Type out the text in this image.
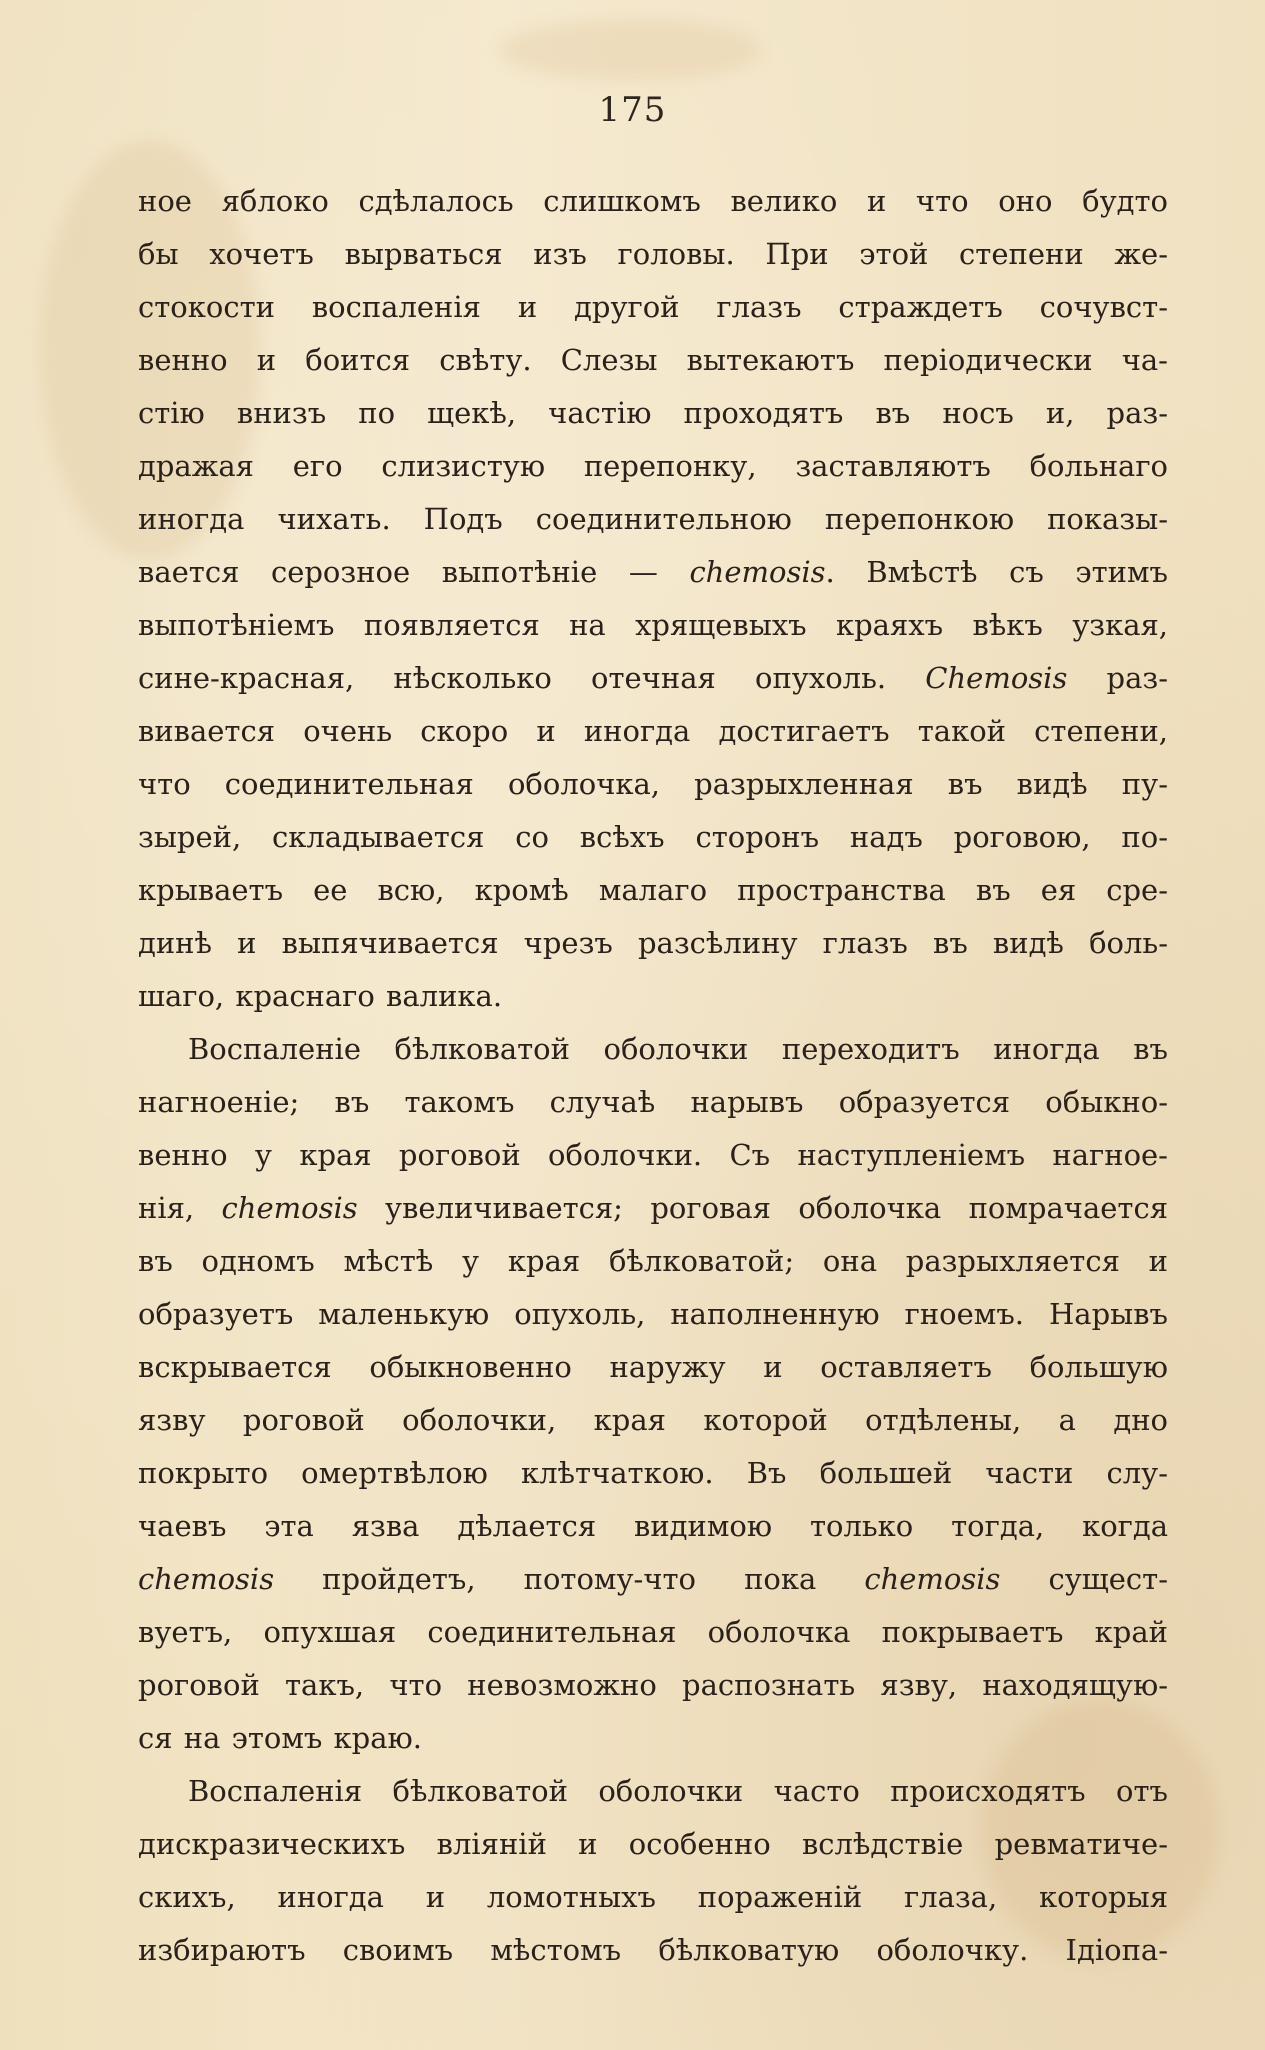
175
ное яблоко сдѣлалось слишкомъ велико и что оно будто
бы хочетъ вырваться изъ головы. При этой степени же-
стокости воспаленія и другой глазъ страждетъ сочувст-
венно и боится свѣту. Слезы вытекаютъ періодически ча-
стію внизъ по щекѣ, частію проходятъ въ носъ и, раз-
дражая его слизистую перепонку, заставляютъ больнаго
иногда чихать. Подъ соединительною перепонкою показы-
вается серозное выпотѣніе — chemosis. Вмѣстѣ съ этимъ
выпотѣніемъ появляется на хрящевыхъ краяхъ вѣкъ узкая,
сине-красная, нѣсколько отечная опухоль. Chemosis раз-
вивается очень скоро и иногда достигаетъ такой степени,
что соединительная оболочка, разрыхленная въ видѣ пу-
зырей, складывается со всѣхъ сторонъ надъ роговою, по-
крываетъ ее всю, кромѣ малаго пространства въ ея сре-
динѣ и выпячивается чрезъ разсѣлину глазъ въ видѣ боль-
шаго, краснаго валика.
Воспаленіе бѣлковатой оболочки переходитъ иногда въ
нагноеніе; въ такомъ случаѣ нарывъ образуется обыкно-
венно у края роговой оболочки. Съ наступленіемъ нагное-
нія, chemosis увеличивается; роговая оболочка помрачается
въ одномъ мѣстѣ у края бѣлковатой; она разрыхляется и
образуетъ маленькую опухоль, наполненную гноемъ. Нарывъ
вскрывается обыкновенно наружу и оставляетъ большую
язву роговой оболочки, края которой отдѣлены, а дно
покрыто омертвѣлою клѣтчаткою. Въ большей части слу-
чаевъ эта язва дѣлается видимою только тогда, когда
chemosis пройдетъ, потому-что пока chemosis сущест-
вуетъ, опухшая соединительная оболочка покрываетъ край
роговой такъ, что невозможно распознать язву, находящую-
ся на этомъ краю.
Воспаленія бѣлковатой оболочки часто происходятъ отъ
дискразическихъ вліяній и особенно вслѣдствіе ревматиче-
скихъ, иногда и ломотныхъ пораженій глаза, которыя
избираютъ своимъ мѣстомъ бѣлковатую оболочку. Ідіопа-
